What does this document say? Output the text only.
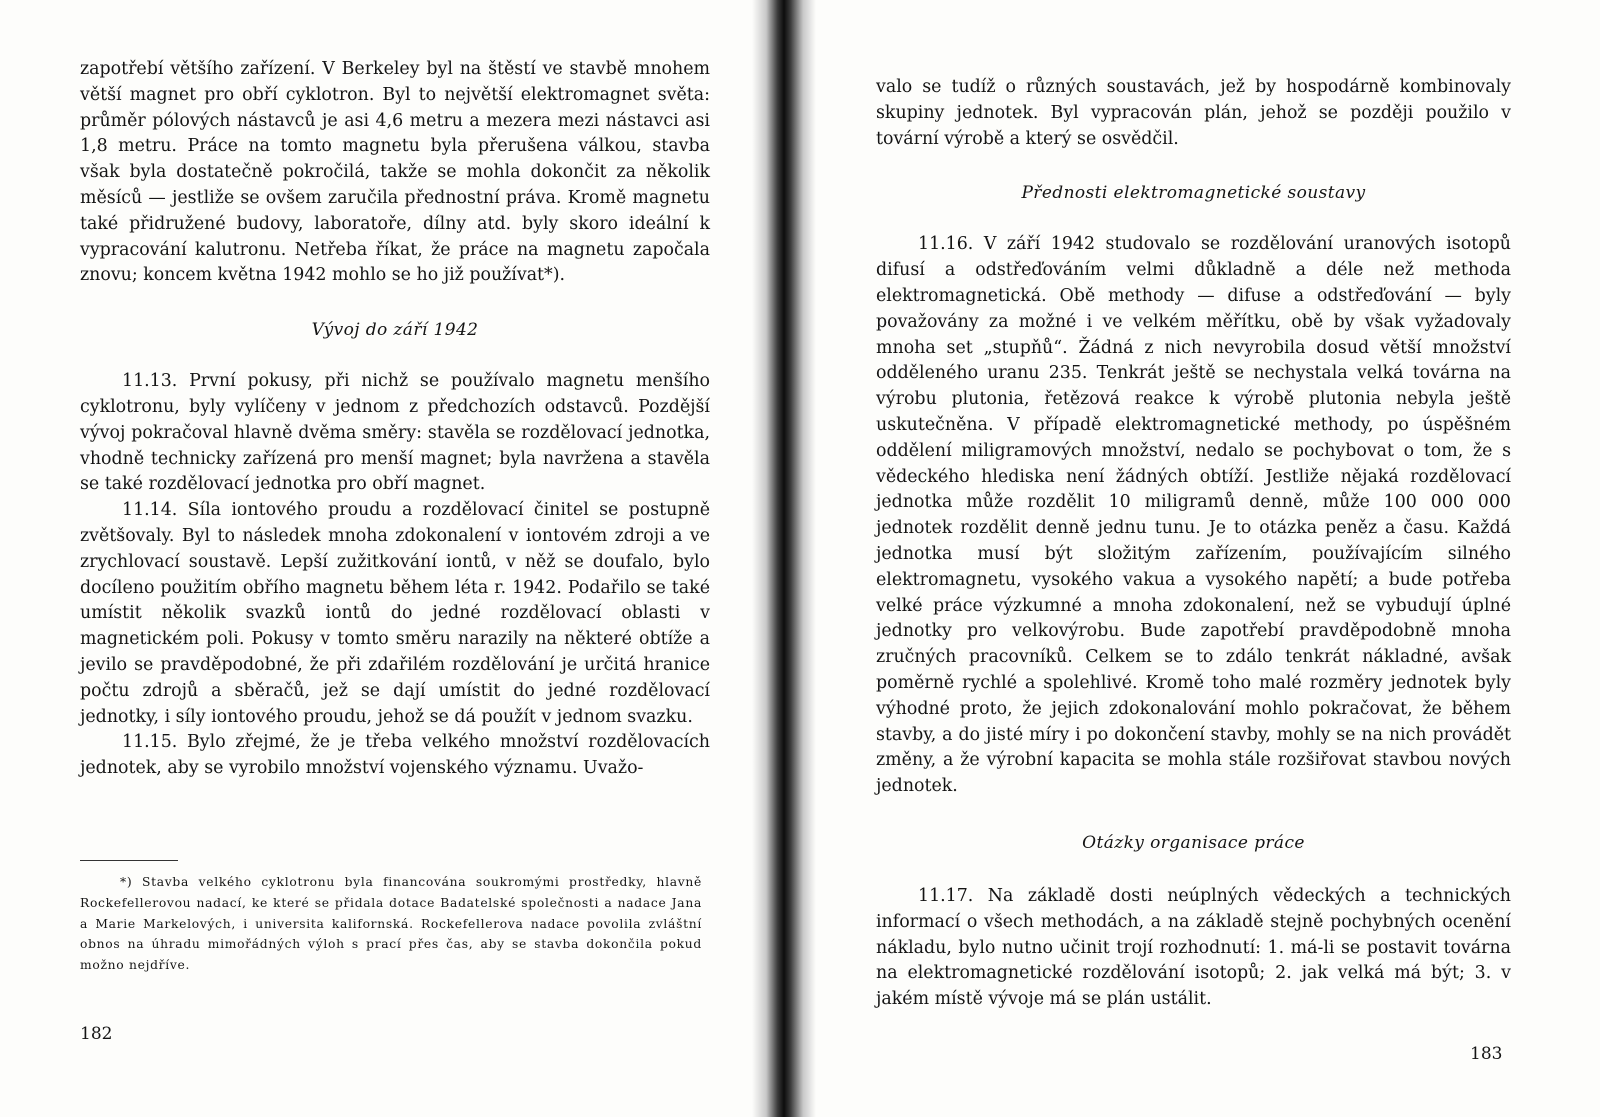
zapotřebí většího zařízení. V Berkeley byl na štěstí ve stavbě mnohem větší magnet pro obří cyklotron. Byl to největší elektromagnet světa: průměr pólových nástavců je asi 4,6 metru a mezera mezi nástavci asi 1,8 metru. Práce na tomto magnetu byla přerušena válkou, stavba však byla dostatečně pokročilá, takže se mohla dokončit za několik měsíců — jestliže se ovšem zaručila přednostní práva. Kromě magnetu také přidružené budovy, laboratoře, dílny atd. byly skoro ideální k vypracování kalutronu. Netřeba říkat, že práce na magnetu započala znovu; koncem května 1942 mohlo se ho již používat*).

Vývoj do září 1942

11.13. První pokusy, při nichž se používalo magnetu menšího cyklotronu, byly vylíčeny v jednom z předchozích odstavců. Pozdější vývoj pokračoval hlavně dvěma směry: stavěla se rozdělovací jednotka, vhodně technicky zařízená pro menší magnet; byla navržena a stavěla se také rozdělovací jednotka pro obří magnet.

11.14. Síla iontového proudu a rozdělovací činitel se postupně zvětšovaly. Byl to následek mnoha zdokonalení v iontovém zdroji a ve zrychlovací soustavě. Lepší zužitkování iontů, v něž se doufalo, bylo docíleno použitím obřího magnetu během léta r. 1942. Podařilo se také umístit několik svazků iontů do jedné rozdělovací oblasti v magnetickém poli. Pokusy v tomto směru narazily na některé obtíže a jevilo se pravděpodobné, že při zdařilém rozdělování je určitá hranice počtu zdrojů a sběračů, jež se dají umístit do jedné rozdělovací jednotky, i síly iontového proudu, jehož se dá použít v jednom svazku.

11.15. Bylo zřejmé, že je třeba velkého množství rozdělovacích jednotek, aby se vyrobilo množství vojenského významu. Uvažo-

*) Stavba velkého cyklotronu byla financována soukromými prostředky, hlavně Rockefellerovou nadací, ke které se přidala dotace Badatelské společnosti a nadace Jana a Marie Markelových, i universita kalifornská. Rockefellerova nadace povolila zvláštní obnos na úhradu mimořádných výloh s prací přes čas, aby se stavba dokončila pokud možno nejdříve.

182

valo se tudíž o různých soustavách, jež by hospodárně kombinovaly skupiny jednotek. Byl vypracován plán, jehož se později použilo v tovární výrobě a který se osvědčil.

Přednosti elektromagnetické soustavy

11.16. V září 1942 studovalo se rozdělování uranových isotopů difusí a odstřeďováním velmi důkladně a déle než methoda elektromagnetická. Obě methody — difuse a odstřeďování — byly považovány za možné i ve velkém měřítku, obě by však vyžadovaly mnoha set „stupňů“. Žádná z nich nevyrobila dosud větší množství odděleného uranu 235. Tenkrát ještě se nechystala velká továrna na výrobu plutonia, řetězová reakce k výrobě plutonia nebyla ještě uskutečněna. V případě elektromagnetické methody, po úspěšném oddělení miligramových množství, nedalo se pochybovat o tom, že s vědeckého hlediska není žádných obtíží. Jestliže nějaká rozdělovací jednotka může rozdělit 10 miligramů denně, může 100 000 000 jednotek rozdělit denně jednu tunu. Je to otázka peněz a času. Každá jednotka musí být složitým zařízením, používajícím silného elektromagnetu, vysokého vakua a vysokého napětí; a bude potřeba velké práce výzkumné a mnoha zdokonalení, než se vybudují úplné jednotky pro velkovýrobu. Bude zapotřebí pravděpodobně mnoha zručných pracovníků. Celkem se to zdálo tenkrát nákladné, avšak poměrně rychlé a spolehlivé. Kromě toho malé rozměry jednotek byly výhodné proto, že jejich zdokonalování mohlo pokračovat, že během stavby, a do jisté míry i po dokončení stavby, mohly se na nich provádět změny, a že výrobní kapacita se mohla stále rozšiřovat stavbou nových jednotek.

Otázky organisace práce

11.17. Na základě dosti neúplných vědeckých a technických informací o všech methodách, a na základě stejně pochybných ocenění nákladu, bylo nutno učinit trojí rozhodnutí: 1. má-li se postavit továrna na elektromagnetické rozdělování isotopů; 2. jak velká má být; 3. v jakém místě vývoje má se plán ustálit.

183
